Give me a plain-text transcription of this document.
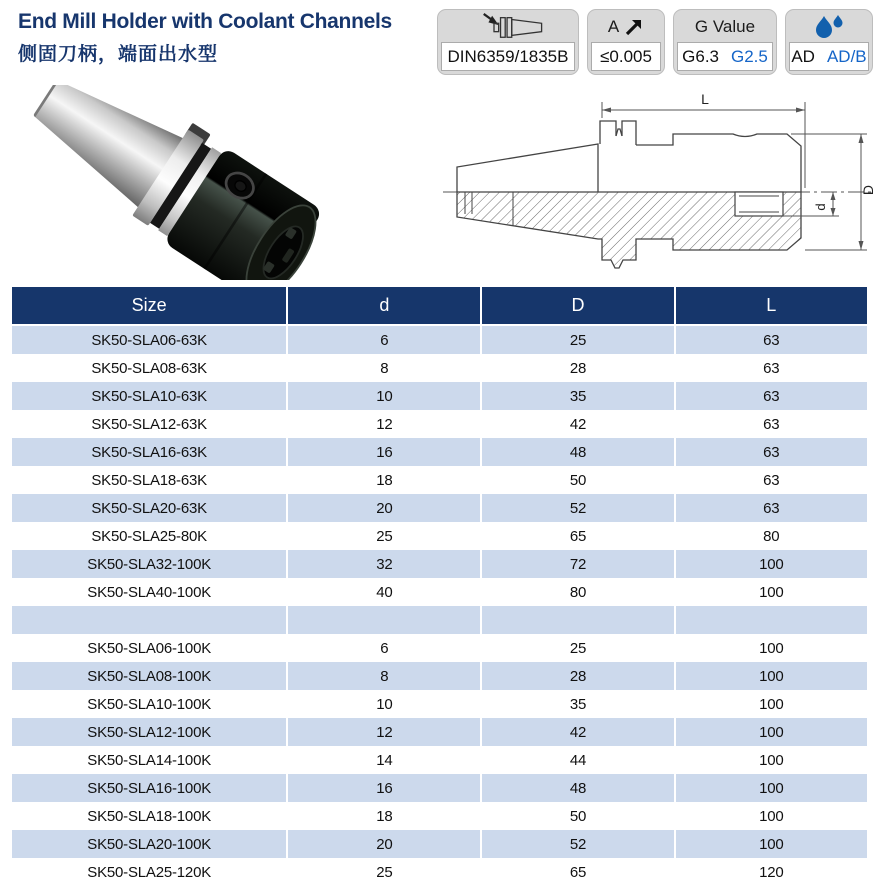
End Mill Holder with Coolant Channels
侧固刀柄，端面出水型	DIN6359/1835B
A
≤0.005
G Value
G6.3 G2.5 AD AD/B
L
d
D
Size	d	D	L
SK50-SLA06-63K	6	25	63
SK50-SLA08-63K	8	28	63
SK50-SLA10-63K	10	35	63
SK50-SLA12-63K	12	42	63
SK50-SLA16-63K	16	48	63
SK50-SLA18-63K	18	50	63
SK50-SLA20-63K	20	52	63
SK50-SLA25-80K	25	65	80
SK50-SLA32-100K	32	72	100
SK50-SLA40-100K	40	80	100

SK50-SLA06-100K	6	25	100
SK50-SLA08-100K	8	28	100
SK50-SLA10-100K	10	35	100
SK50-SLA12-100K	12	42	100
SK50-SLA14-100K	14	44	100
SK50-SLA16-100K	16	48	100
SK50-SLA18-100K	18	50	100
SK50-SLA20-100K	20	52	100
SK50-SLA25-120K	25	65	120
